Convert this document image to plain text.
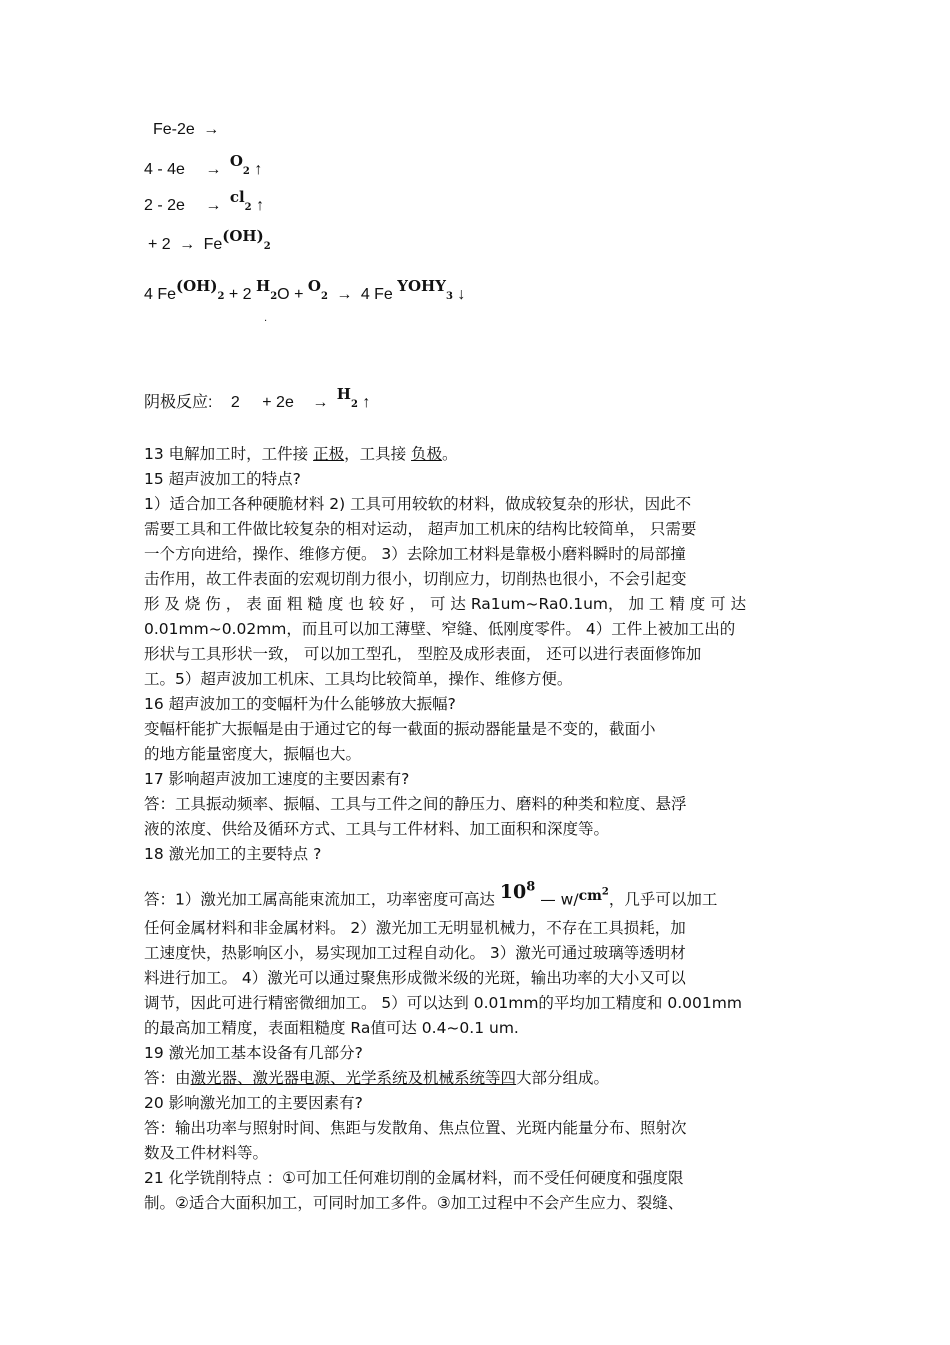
Fe-2e →
$4 - 4e \to O_2$ ↑
$2 - 2e \to cl_2$ ↑
+ $2 \to Fe(OH)_2$
4 $Fe(OH)_2 + 2$ $H_2O + O_2 \to 4$ Fe $YOHY_3$ ↓
·
阴极反应: $2 + 2e \to H_2$ ↑
13 电解加工时，工件接 正极，工具接 负极。
15 超声波加工的特点?
1）适合加工各种硬脆材料 2) 工具可用较软的材料，做成较复杂的形状，因此不
需要工具和工件做比较复杂的相对运动， 超声加工机床的结构比较简单， 只需要
一个方向进给，操作、维修方便。 3）去除加工材料是靠极小磨料瞬时的局部撞
击作用，故工件表面的宏观切削力很小，切削应力，切削热也很小，不会引起变
形 及 烧 伤 ， 表 面 粗 糙 度 也 较 好 ， 可 达 Ra1um~Ra0.1um， 加 工 精 度 可 达
0.01mm~0.02mm，而且可以加工薄壁、窄缝、低刚度零件。 4）工件上被加工出的
形状与工具形状一致， 可以加工型孔， 型腔及成形表面， 还可以进行表面修饰加
工。5）超声波加工机床、工具均比较简单，操作、维修方便。
16 超声波加工的变幅杆为什么能够放大振幅?
变幅杆能扩大振幅是由于通过它的每一截面的振动器能量是不变的，截面小
的地方能量密度大，振幅也大。
17 影响超声波加工速度的主要因素有?
答：工具振动频率、振幅、工具与工件之间的静压力、磨料的种类和粒度、悬浮
液的浓度、供给及循环方式、工具与工件材料、加工面积和深度等。
18 激光加工的主要特点 ?
答：1）激光加工属高能束流加工，功率密度可高达 $10^8$ — $w/cm^2$，几乎可以加工
任何金属材料和非金属材料。 2）激光加工无明显机械力，不存在工具损耗，加
工速度快，热影响区小，易实现加工过程自动化。 3）激光可通过玻璃等透明材
料进行加工。 4）激光可以通过聚焦形成微米级的光斑，输出功率的大小又可以
调节，因此可进行精密微细加工。 5）可以达到 0.01mm的平均加工精度和 0.001mm
的最高加工精度，表面粗糙度 Ra值可达 0.4~0.1 um.
19 激光加工基本设备有几部分?
答：由激光器、激光器电源、光学系统及机械系统等四大部分组成。
20 影响激光加工的主要因素有?
答：输出功率与照射时间、焦距与发散角、焦点位置、光斑内能量分布、照射次
数及工件材料等。
21 化学铣削特点 ：①可加工任何难切削的金属材料，而不受任何硬度和强度限
制。②适合大面积加工，可同时加工多件。③加工过程中不会产生应力、裂缝、
